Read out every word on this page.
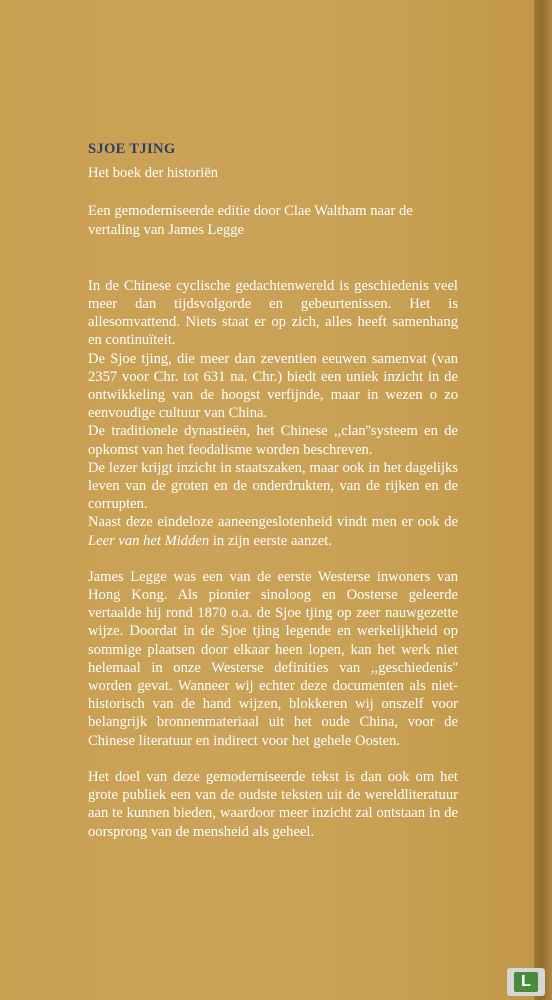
SJOE TJING
Het boek der historiën
Een gemoderniseerde editie door Clae Waltham naar de vertaling van James Legge

In de Chinese cyclische gedachtenwereld is geschiedenis veel meer dan tijdsvolgorde en gebeurtenissen. Het is allesomvattend. Niets staat er op zich, alles heeft samenhang en continuïteit.

De Sjoe tjing, die meer dan zeventien eeuwen samenvat (van 2357 voor Chr. tot 631 na. Chr.) biedt een uniek inzicht in de ontwikkeling van de hoogst verfijnde, maar in wezen o zo eenvoudige cultuur van China.

De traditionele dynastieën, het Chinese ,,clan''systeem en de opkomst van het feodalisme worden beschreven.

De lezer krijgt inzicht in staatszaken, maar ook in het dagelijks leven van de groten en de onderdrukten, van de rijken en de corrupten.

Naast deze eindeloze aaneengeslotenheid vindt men er ook de Leer van het Midden in zijn eerste aanzet.

James Legge was een van de eerste Westerse inwoners van Hong Kong. Als pionier sinoloog en Oosterse geleerde vertaalde hij rond 1870 o.a. de Sjoe tjing op zeer nauwgezette wijze. Doordat in de Sjoe tjing legende en werkelijkheid op sommige plaatsen door elkaar heen lopen, kan het werk niet helemaal in onze Westerse definities van ,,geschiedenis'' worden gevat. Wanneer wij echter deze documenten als niet-historisch van de hand wijzen, blokkeren wij onszelf voor belangrijk bronnenmateriaal uit het oude China, voor de Chinese literatuur en indirect voor het gehele Oosten.

Het doel van deze gemoderniseerde tekst is dan ook om het grote publiek een van de oudste teksten uit de wereldliteratuur aan te kunnen bieden, waardoor meer inzicht zal ontstaan in de oorsprong van de mensheid als geheel.

L
